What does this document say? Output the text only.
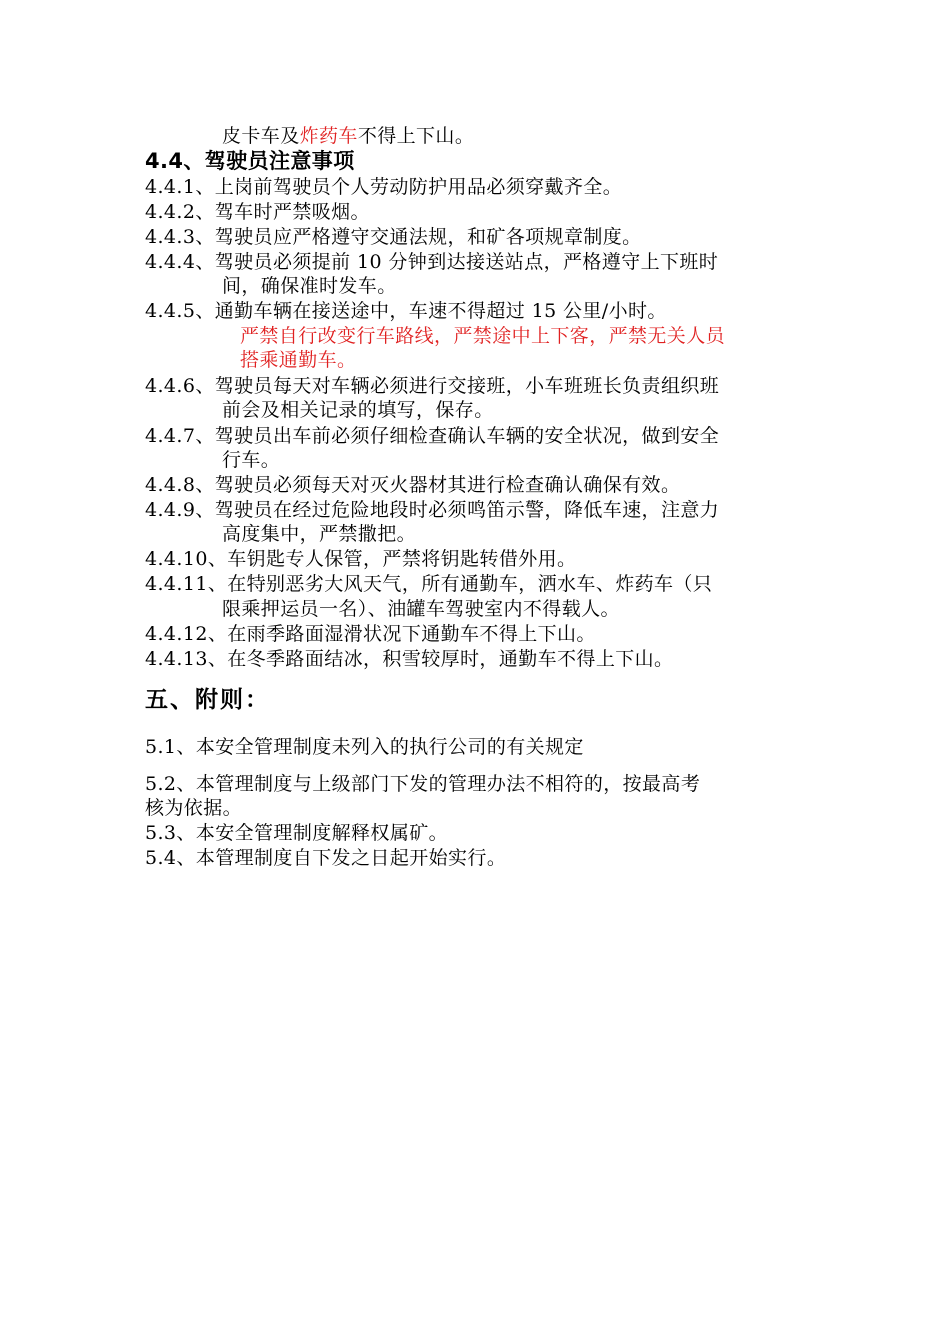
皮卡车及炸药车不得上下山。
4.4、驾驶员注意事项
4.4.1、上岗前驾驶员个人劳动防护用品必须穿戴齐全。
4.4.2、驾车时严禁吸烟。
4.4.3、驾驶员应严格遵守交通法规，和矿各项规章制度。
4.4.4、驾驶员必须提前 10 分钟到达接送站点，严格遵守上下班时
间，确保准时发车。
4.4.5、通勤车辆在接送途中，车速不得超过 15 公里/小时。
严禁自行改变行车路线，严禁途中上下客，严禁无关人员
搭乘通勤车。
4.4.6、驾驶员每天对车辆必须进行交接班，小车班班长负责组织班
前会及相关记录的填写，保存。
4.4.7、驾驶员出车前必须仔细检查确认车辆的安全状况，做到安全
行车。
4.4.8、驾驶员必须每天对灭火器材其进行检查确认确保有效。
4.4.9、驾驶员在经过危险地段时必须鸣笛示警，降低车速，注意力
高度集中，严禁撒把。
4.4.10、车钥匙专人保管，严禁将钥匙转借外用。
4.4.11、在特别恶劣大风天气，所有通勤车，洒水车、炸药车（只
限乘押运员一名）、油罐车驾驶室内不得载人。
4.4.12、在雨季路面湿滑状况下通勤车不得上下山。
4.4.13、在冬季路面结冰，积雪较厚时，通勤车不得上下山。
五、附则：
5.1、本安全管理制度未列入的执行公司的有关规定
5.2、本管理制度与上级部门下发的管理办法不相符的，按最高考
核为依据。
5.3、本安全管理制度解释权属矿。
5.4、本管理制度自下发之日起开始实行。
